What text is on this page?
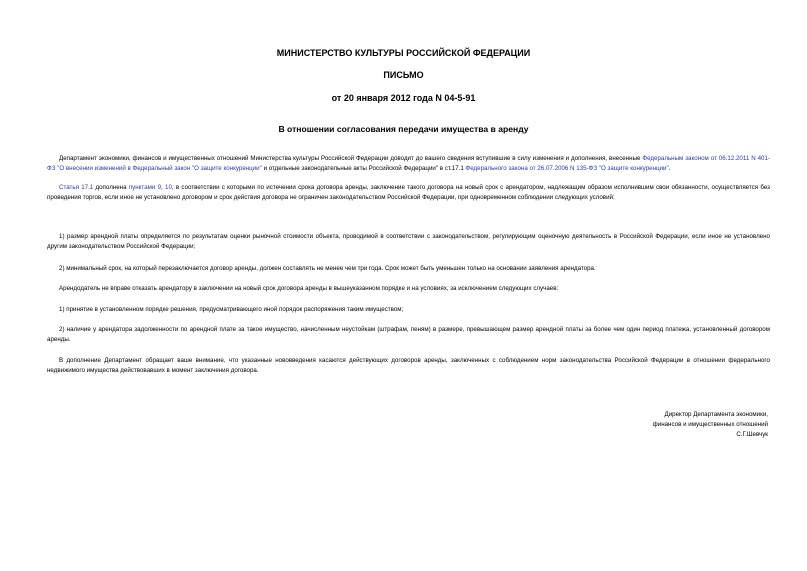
МИНИСТЕРСТВО КУЛЬТУРЫ РОССИЙСКОЙ ФЕДЕРАЦИИ
ПИСЬМО
от 20 января 2012 года N 04-5-91
В отношении согласования передачи имущества в аренду
Департамент экономики, финансов и имущественных отношений Министерства культуры Российской Федерации доводит до вашего сведения вступившие в силу изменения и дополнения, внесенные Федеральным законом от 06.12.2011 N 401-ФЗ "О внесении изменений в Федеральный закон "О защите конкуренции" и отдельные законодательные акты Российской Федерации" в ст.17.1 Федерального закона от 26.07.2006 N 135-ФЗ "О защите конкуренции".
Статья 17.1 дополнена пунктами 9, 10, в соответствии с которыми по истечении срока договора аренды, заключение такого договора на новый срок с арендатором, надлежащим образом исполнившим свои обязанности, осуществляется без проведения торгов, если иное не установлено договором и срок действия договора не ограничен законодательством Российской Федерации, при одновременном соблюдении следующих условий:
1) размер арендной платы определяется по результатам оценки рыночной стоимости объекта, проводимой в соответствии с законодательством, регулирующим оценочную деятельность в Российской Федерации, если иное не установлено другим законодательством Российской Федерации;
2) минимальный срок, на который перезаключается договор аренды, должен составлять не менее чем три года. Срок может быть уменьшен только на основании заявления арендатора.
Арендодатель не вправе отказать арендатору в заключении на новый срок договора аренды в вышеуказанном порядке и на условиях, за исключением следующих случаев:
1) принятие в установленном порядке решения, предусматривающего иной порядок распоряжения таким имуществом;
2) наличие у арендатора задолженности по арендной плате за такое имущество, начисленным неустойкам (штрафам, пеням) в размере, превышающем размер арендной платы за более чем один период платежа, установленный договором аренды.
В дополнение Департамент обращает ваше внимание, что указанные нововведения касаются действующих договоров аренды, заключенных с соблюдением норм законодательства Российской Федерации в отношении федерального недвижимого имущества действовавших в момент заключения договора.
Директор Департамента экономики,
финансов и имущественных отношений
С.Г.Шевчук
